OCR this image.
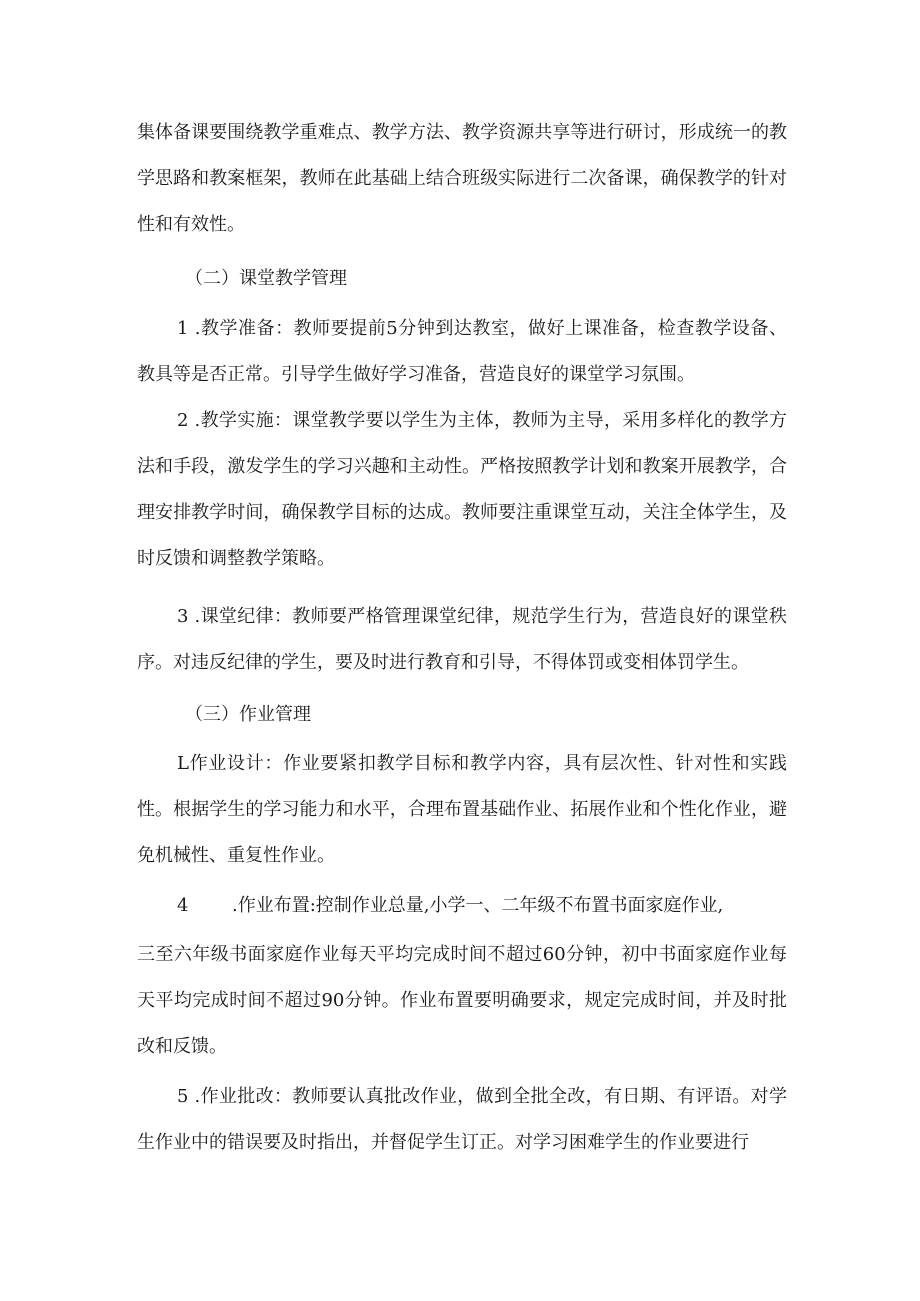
集体备课要围绕教学重难点、教学方法、教学资源共享等进行研讨，形成统一的教学思路和教案框架，教师在此基础上结合班级实际进行二次备课，确保教学的针对性和有效性。

（二）课堂教学管理

1 .教学准备：教师要提前5分钟到达教室，做好上课准备，检查教学设备、教具等是否正常。引导学生做好学习准备，营造良好的课堂学习氛围。

2 .教学实施：课堂教学要以学生为主体，教师为主导，采用多样化的教学方法和手段，激发学生的学习兴趣和主动性。严格按照教学计划和教案开展教学，合理安排教学时间，确保教学目标的达成。教师要注重课堂互动，关注全体学生，及时反馈和调整教学策略。

3 .课堂纪律：教师要严格管理课堂纪律，规范学生行为，营造良好的课堂秩序。对违反纪律的学生，要及时进行教育和引导，不得体罚或变相体罚学生。

（三）作业管理

L作业设计：作业要紧扣教学目标和教学内容，具有层次性、针对性和实践性。根据学生的学习能力和水平，合理布置基础作业、拓展作业和个性化作业，避免机械性、重复性作业。

4 .作业布置:控制作业总量,小学一、二年级不布置书面家庭作业,

三至六年级书面家庭作业每天平均完成时间不超过60分钟，初中书面家庭作业每天平均完成时间不超过90分钟。作业布置要明确要求，规定完成时间，并及时批改和反馈。

5 .作业批改：教师要认真批改作业，做到全批全改，有日期、有评语。对学生作业中的错误要及时指出，并督促学生订正。对学习困难学生的作业要进行
